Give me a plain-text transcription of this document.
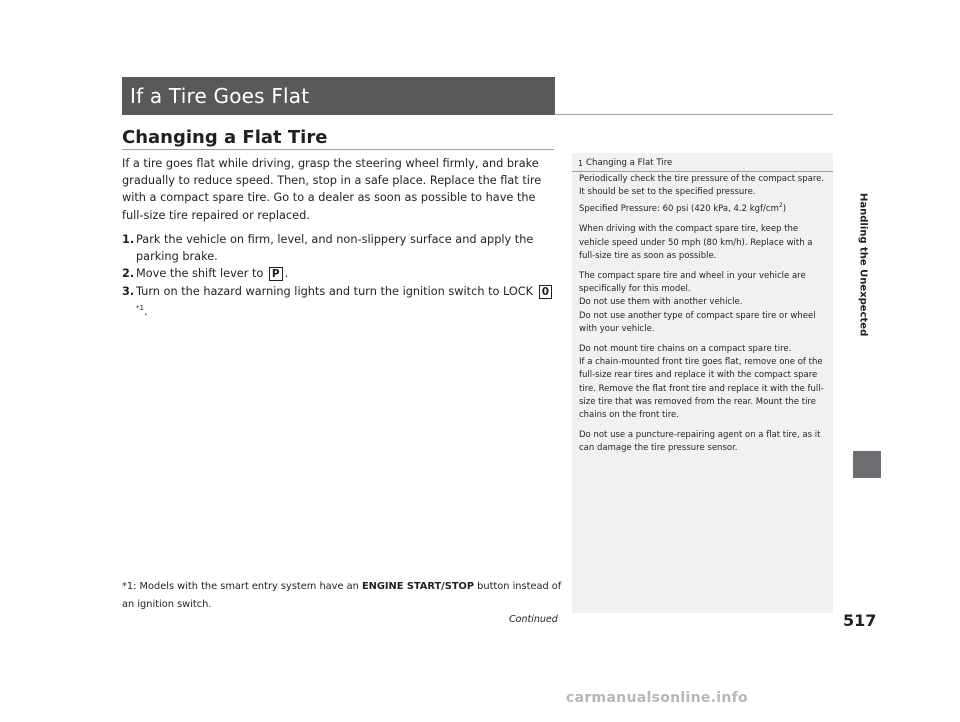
If a Tire Goes Flat
Changing a Flat Tire

If a tire goes flat while driving, grasp the steering wheel firmly, and brake gradually to reduce speed. Then, stop in a safe place. Replace the flat tire with a compact spare tire. Go to a dealer as soon as possible to have the full-size tire repaired or replaced.

1. Park the vehicle on firm, level, and non-slippery surface and apply the parking brake.
2. Move the shift lever to P .
3. Turn on the hazard warning lights and turn the ignition switch to LOCK 0$^{*1}$.
*1: Models with the smart entry system have an ENGINE START/STOP button instead of an ignition switch.
1 Changing a Flat Tire

Periodically check the tire pressure of the compact spare. It should be set to the specified pressure.
Specified Pressure: 60 psi (420 kPa, 4.2 kgf/$cm^2$)

When driving with the compact spare tire, keep the vehicle speed under 50 mph (80 km/h). Replace with a full-size tire as soon as possible.

The compact spare tire and wheel in your vehicle are specifically for this model.
Do not use them with another vehicle.
Do not use another type of compact spare tire or wheel with your vehicle.

Do not mount tire chains on a compact spare tire.
If a chain-mounted front tire goes flat, remove one of the full-size rear tires and replace it with the compact spare tire. Remove the flat front tire and replace it with the full-size tire that was removed from the rear. Mount the tire chains on the front tire.

Do not use a puncture-repairing agent on a flat tire, as it can damage the tire pressure sensor.

Continued	517
Handling the Unexpected
carmanualsonline.info
